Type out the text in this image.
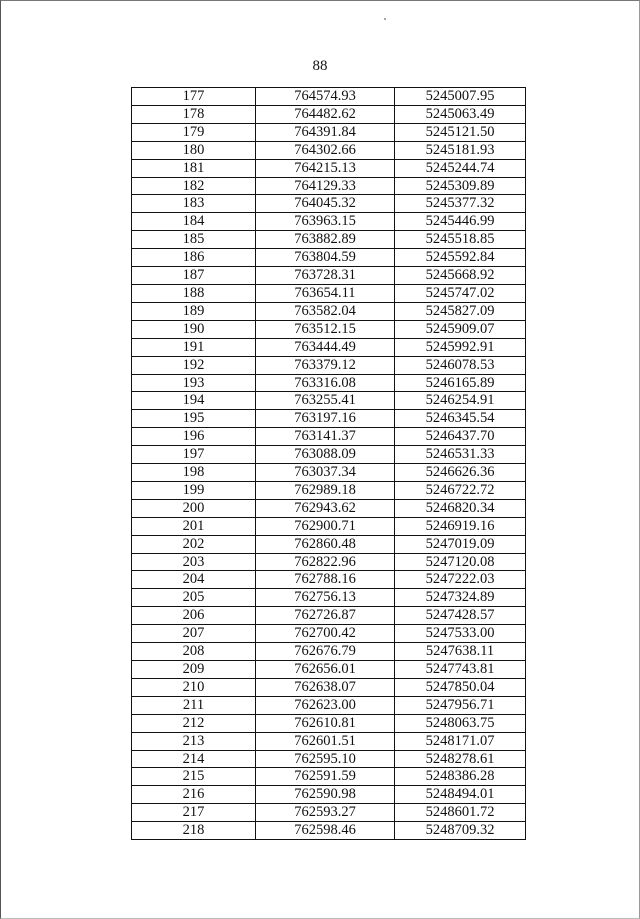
88
177	764574.93	5245007.95
178	764482.62	5245063.49
179	764391.84	5245121.50
180	764302.66	5245181.93
181	764215.13	5245244.74
182	764129.33	5245309.89
183	764045.32	5245377.32
184	763963.15	5245446.99
185	763882.89	5245518.85
186	763804.59	5245592.84
187	763728.31	5245668.92
188	763654.11	5245747.02
189	763582.04	5245827.09
190	763512.15	5245909.07
191	763444.49	5245992.91
192	763379.12	5246078.53
193	763316.08	5246165.89
194	763255.41	5246254.91
195	763197.16	5246345.54
196	763141.37	5246437.70
197	763088.09	5246531.33
198	763037.34	5246626.36
199	762989.18	5246722.72
200	762943.62	5246820.34
201	762900.71	5246919.16
202	762860.48	5247019.09
203	762822.96	5247120.08
204	762788.16	5247222.03
205	762756.13	5247324.89
206	762726.87	5247428.57
207	762700.42	5247533.00
208	762676.79	5247638.11
209	762656.01	5247743.81
210	762638.07	5247850.04
211	762623.00	5247956.71
212	762610.81	5248063.75
213	762601.51	5248171.07
214	762595.10	5248278.61
215	762591.59	5248386.28
216	762590.98	5248494.01
217	762593.27	5248601.72
218	762598.46	5248709.32
